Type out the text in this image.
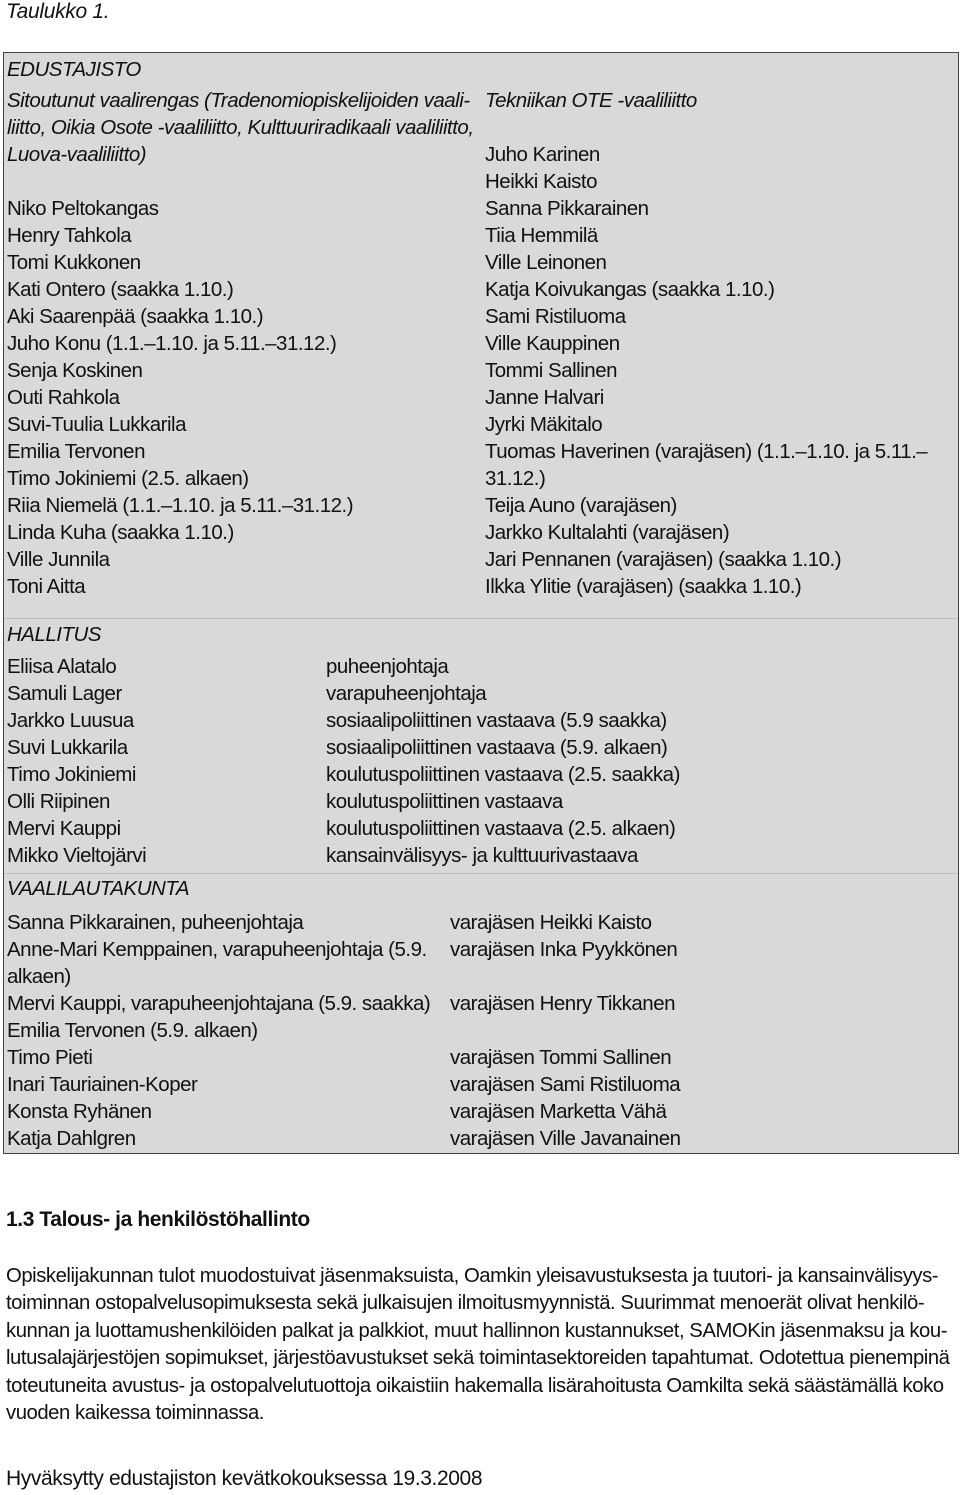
Taulukko 1.
EDUSTAJISTO
Sitoutunut vaalirengas (Tradenomiopiskelijoiden vaali-
liitto, Oikia Osote -vaaliliitto, Kulttuuriradikaali vaaliliitto,
Luova-vaaliliitto)
Tekniikan OTE -vaaliliitto
Niko Peltokangas
Henry Tahkola
Tomi Kukkonen
Kati Ontero (saakka 1.10.)
Aki Saarenpää (saakka 1.10.)
Juho Konu (1.1.–1.10. ja 5.11.–31.12.)
Senja Koskinen
Outi Rahkola
Suvi-Tuulia Lukkarila
Emilia Tervonen
Timo Jokiniemi (2.5. alkaen)
Riia Niemelä (1.1.–1.10. ja 5.11.–31.12.)
Linda Kuha (saakka 1.10.)
Ville Junnila
Toni Aitta
Juho Karinen
Heikki Kaisto
Sanna Pikkarainen
Tiia Hemmilä
Ville Leinonen
Katja Koivukangas (saakka 1.10.)
Sami Ristiluoma
Ville Kauppinen
Tommi Sallinen
Janne Halvari
Jyrki Mäkitalo
Tuomas Haverinen (varajäsen) (1.1.–1.10. ja 5.11.–
31.12.)
Teija Auno (varajäsen)
Jarkko Kultalahti (varajäsen)
Jari Pennanen (varajäsen) (saakka 1.10.)
Ilkka Ylitie (varajäsen) (saakka 1.10.)
HALLITUS
Eliisa Alatalo
Samuli Lager
Jarkko Luusua
Suvi Lukkarila
Timo Jokiniemi
Olli Riipinen
Mervi Kauppi
Mikko Vieltojärvi
puheenjohtaja
varapuheenjohtaja
sosiaalipoliittinen vastaava (5.9 saakka)
sosiaalipoliittinen vastaava (5.9. alkaen)
koulutuspoliittinen vastaava (2.5. saakka)
koulutuspoliittinen vastaava
koulutuspoliittinen vastaava (2.5. alkaen)
kansainvälisyys- ja kulttuurivastaava
VAALILAUTAKUNTA
Sanna Pikkarainen, puheenjohtaja
Anne-Mari Kemppainen, varapuheenjohtaja (5.9.
alkaen)
Mervi Kauppi, varapuheenjohtajana (5.9. saakka)
Emilia Tervonen (5.9. alkaen)
Timo Pieti
Inari Tauriainen-Koper
Konsta Ryhänen
Katja Dahlgren
varajäsen Heikki Kaisto
varajäsen Inka Pyykkönen
varajäsen Henry Tikkanen
varajäsen Tommi Sallinen
varajäsen Sami Ristiluoma
varajäsen Marketta Vähä
varajäsen Ville Javanainen
1.3 Talous- ja henkilöstöhallinto
Opiskelijakunnan tulot muodostuivat jäsenmaksuista, Oamkin yleisavustuksesta ja tuutori- ja kansainvälisyys-
toiminnan ostopalvelusopimuksesta sekä julkaisujen ilmoitusmyynnistä. Suurimmat menoerät olivat henkilö-
kunnan ja luottamushenkilöiden palkat ja palkkiot, muut hallinnon kustannukset, SAMOKin jäsenmaksu ja kou-
lutusalajärjestöjen sopimukset, järjestöavustukset sekä toimintasektoreiden tapahtumat. Odotettua pienempinä
toteutuneita avustus- ja ostopalvelutuottoja oikaistiin hakemalla lisärahoitusta Oamkilta sekä säästämällä koko
vuoden kaikessa toiminnassa.
Hyväksytty edustajiston kevätkokouksessa 19.3.2008
